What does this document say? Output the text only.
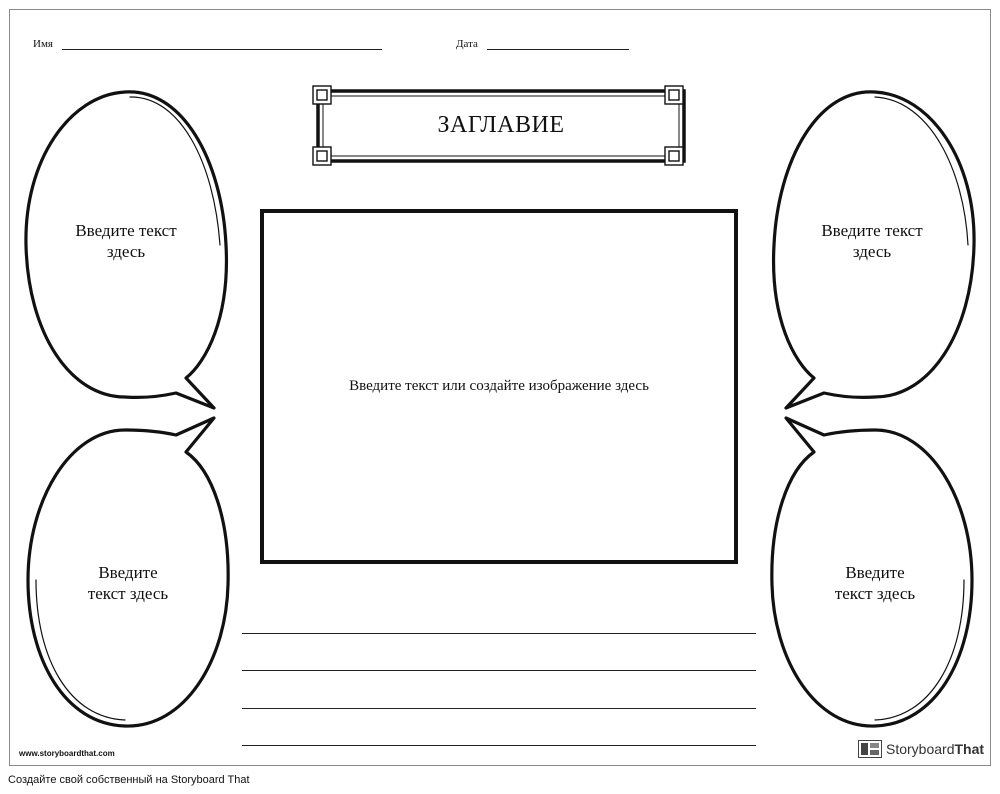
Имя	Дата
ЗАГЛАВИЕ
Введите текст или создайте изображение здесь
Введите текст
здесь
Введите
текст здесь
Введите текст
здесь
Введите
текст здесь
www.storyboardthat.com	Storyboard That
Создайте свой собственный на Storyboard That
